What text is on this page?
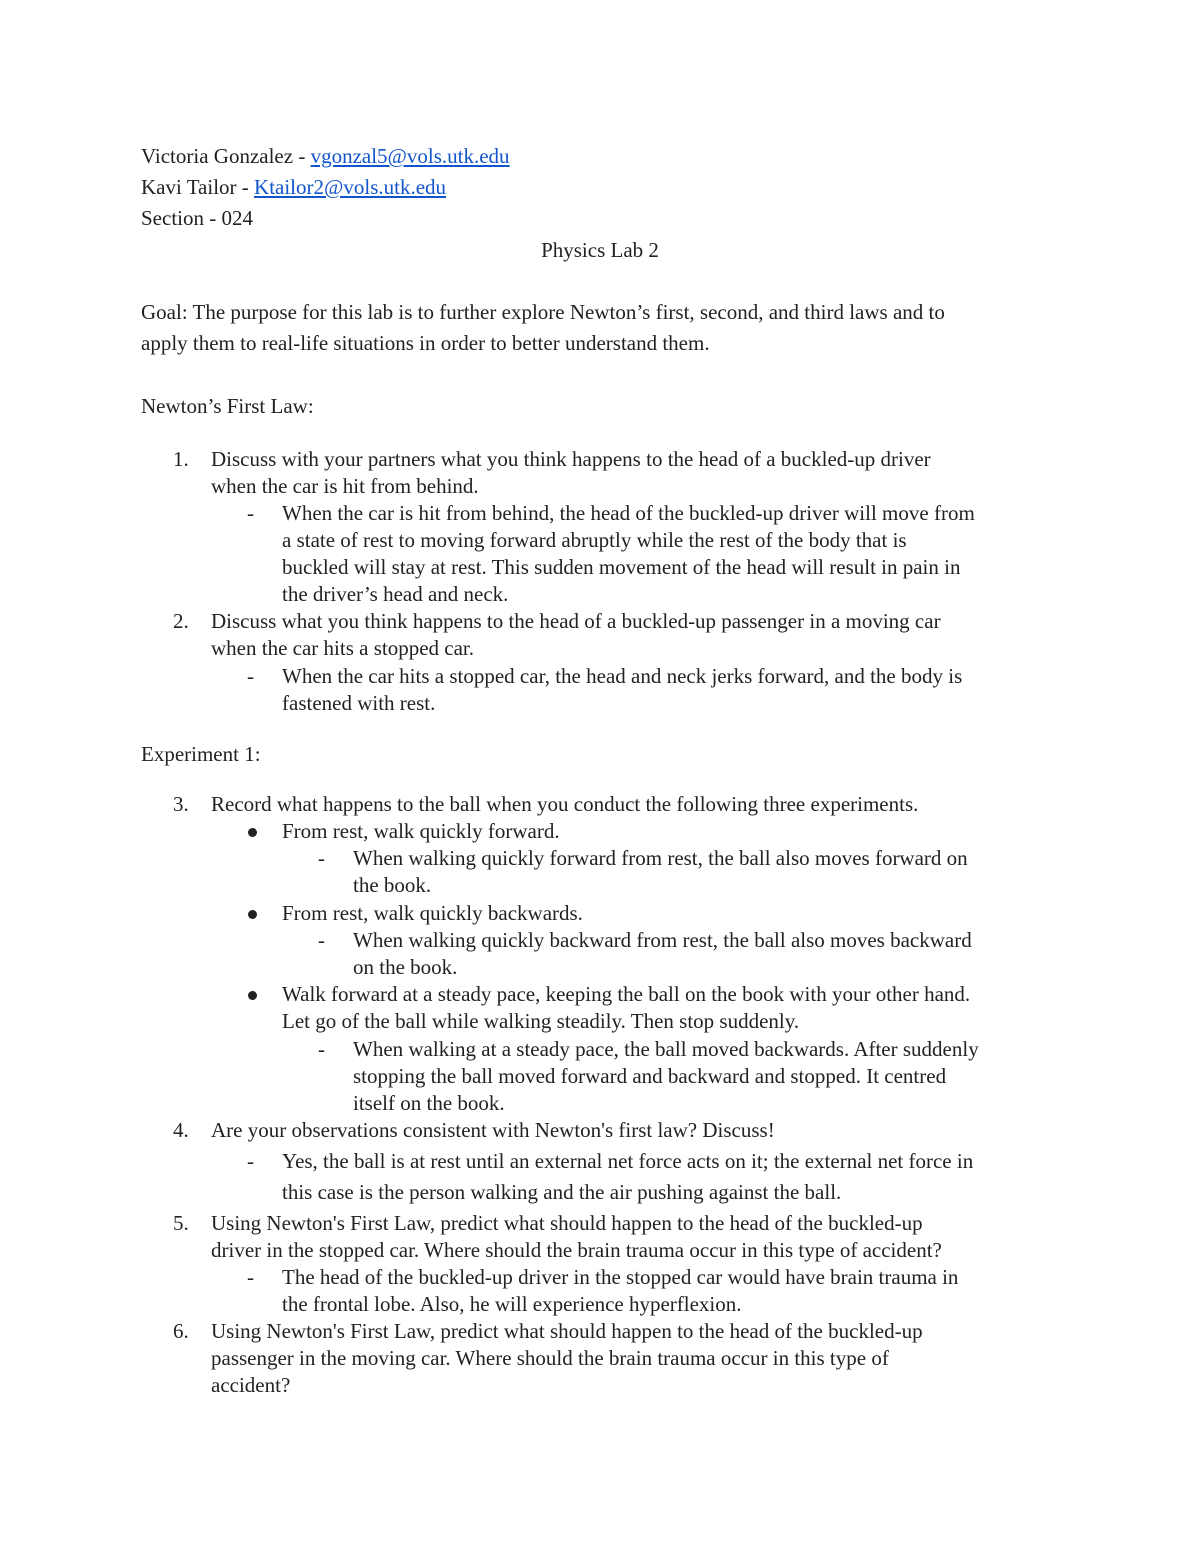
Victoria Gonzalez - vgonzal5@vols.utk.edu
Kavi Tailor - Ktailor2@vols.utk.edu
Section - 024
Physics Lab 2
Goal: The purpose for this lab is to further explore Newton’s first, second, and third laws and to
apply them to real-life situations in order to better understand them.
Newton’s First Law:
1. Discuss with your partners what you think happens to the head of a buckled-up driver
when the car is hit from behind.
- When the car is hit from behind, the head of the buckled-up driver will move from
a state of rest to moving forward abruptly while the rest of the body that is
buckled will stay at rest. This sudden movement of the head will result in pain in
the driver’s head and neck.
2. Discuss what you think happens to the head of a buckled-up passenger in a moving car
when the car hits a stopped car.
- When the car hits a stopped car, the head and neck jerks forward, and the body is
fastened with rest.
Experiment 1:
3. Record what happens to the ball when you conduct the following three experiments.
From rest, walk quickly forward.
- When walking quickly forward from rest, the ball also moves forward on
the book.
From rest, walk quickly backwards.
- When walking quickly backward from rest, the ball also moves backward
on the book.
Walk forward at a steady pace, keeping the ball on the book with your other hand.
Let go of the ball while walking steadily. Then stop suddenly.
- When walking at a steady pace, the ball moved backwards. After suddenly
stopping the ball moved forward and backward and stopped. It centred
itself on the book.
4. Are your observations consistent with Newton's first law? Discuss!
- Yes, the ball is at rest until an external net force acts on it; the external net force in
this case is the person walking and the air pushing against the ball.
5. Using Newton's First Law, predict what should happen to the head of the buckled-up
driver in the stopped car. Where should the brain trauma occur in this type of accident?
- The head of the buckled-up driver in the stopped car would have brain trauma in
the frontal lobe. Also, he will experience hyperflexion.
6. Using Newton's First Law, predict what should happen to the head of the buckled-up
passenger in the moving car. Where should the brain trauma occur in this type of
accident?
